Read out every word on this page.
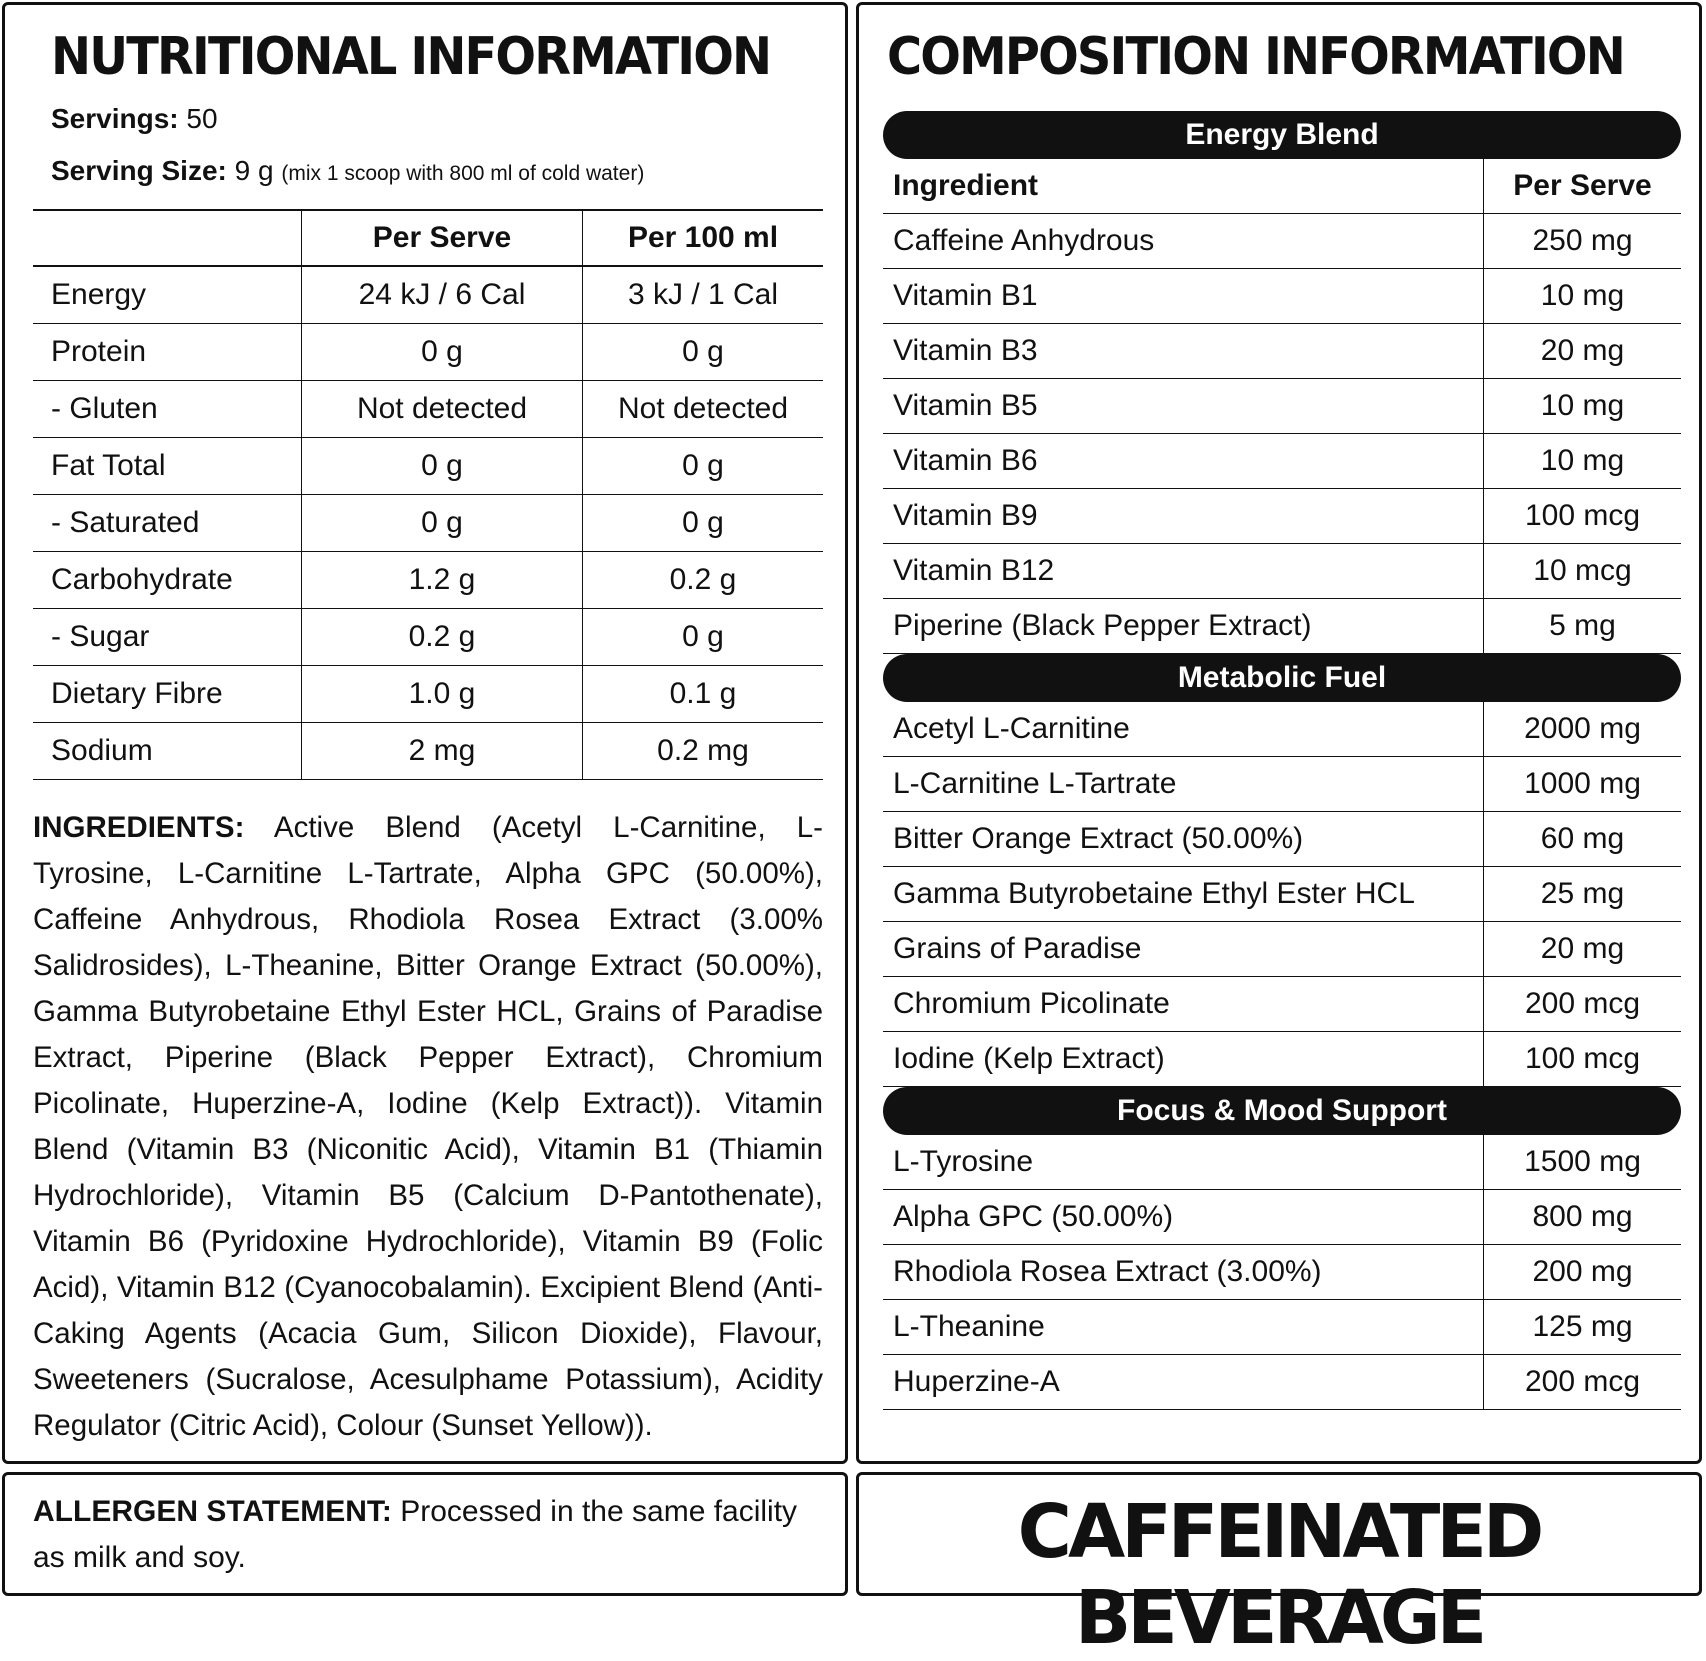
NUTRITIONAL INFORMATION
Servings: 50
Serving Size: 9 g (mix 1 scoop with 800 ml of cold water)
	Per Serve	Per 100 ml
Energy	24 kJ / 6 Cal	3 kJ / 1 Cal
Protein	0 g	0 g
- Gluten	Not detected	Not detected
Fat Total	0 g	0 g
- Saturated	0 g	0 g
Carbohydrate	1.2 g	0.2 g
- Sugar	0.2 g	0 g
Dietary Fibre	1.0 g	0.1 g
Sodium	2 mg	0.2 mg
INGREDIENTS: Active Blend (Acetyl L-Carnitine, L-Tyrosine, L-Carnitine L-Tartrate, Alpha GPC (50.00%), Caffeine Anhydrous, Rhodiola Rosea Extract (3.00% Salidrosides), L-Theanine, Bitter Orange Extract (50.00%), Gamma Butyrobetaine Ethyl Ester HCL, Grains of Paradise Extract, Piperine (Black Pepper Extract), Chromium Picolinate, Huperzine-A, Iodine (Kelp Extract)). Vitamin Blend (Vitamin B3 (Niconitic Acid), Vitamin B1 (Thiamin Hydrochloride), Vitamin B5 (Calcium D-Pantothenate), Vitamin B6 (Pyridoxine Hydrochloride), Vitamin B9 (Folic Acid), Vitamin B12 (Cyanocobalamin). Excipient Blend (Anti-Caking Agents (Acacia Gum, Silicon Dioxide), Flavour, Sweeteners (Sucralose, Acesulphame Potassium), Acidity Regulator (Citric Acid), Colour (Sunset Yellow)).
COMPOSITION INFORMATION
Energy Blend
Ingredient	Per Serve
Caffeine Anhydrous	250 mg
Vitamin B1	10 mg
Vitamin B3	20 mg
Vitamin B5	10 mg
Vitamin B6	10 mg
Vitamin B9	100 mcg
Vitamin B12	10 mcg
Piperine (Black Pepper Extract)	5 mg
Metabolic Fuel
Acetyl L-Carnitine	2000 mg
L-Carnitine L-Tartrate	1000 mg
Bitter Orange Extract (50.00%)	60 mg
Gamma Butyrobetaine Ethyl Ester HCL	25 mg
Grains of Paradise	20 mg
Chromium Picolinate	200 mcg
Iodine (Kelp Extract)	100 mcg
Focus & Mood Support
L-Tyrosine	1500 mg
Alpha GPC (50.00%)	800 mg
Rhodiola Rosea Extract (3.00%)	200 mg
L-Theanine	125 mg
Huperzine-A	200 mcg
ALLERGEN STATEMENT: Processed in the same facility as milk and soy.	CAFFEINATED BEVERAGE
